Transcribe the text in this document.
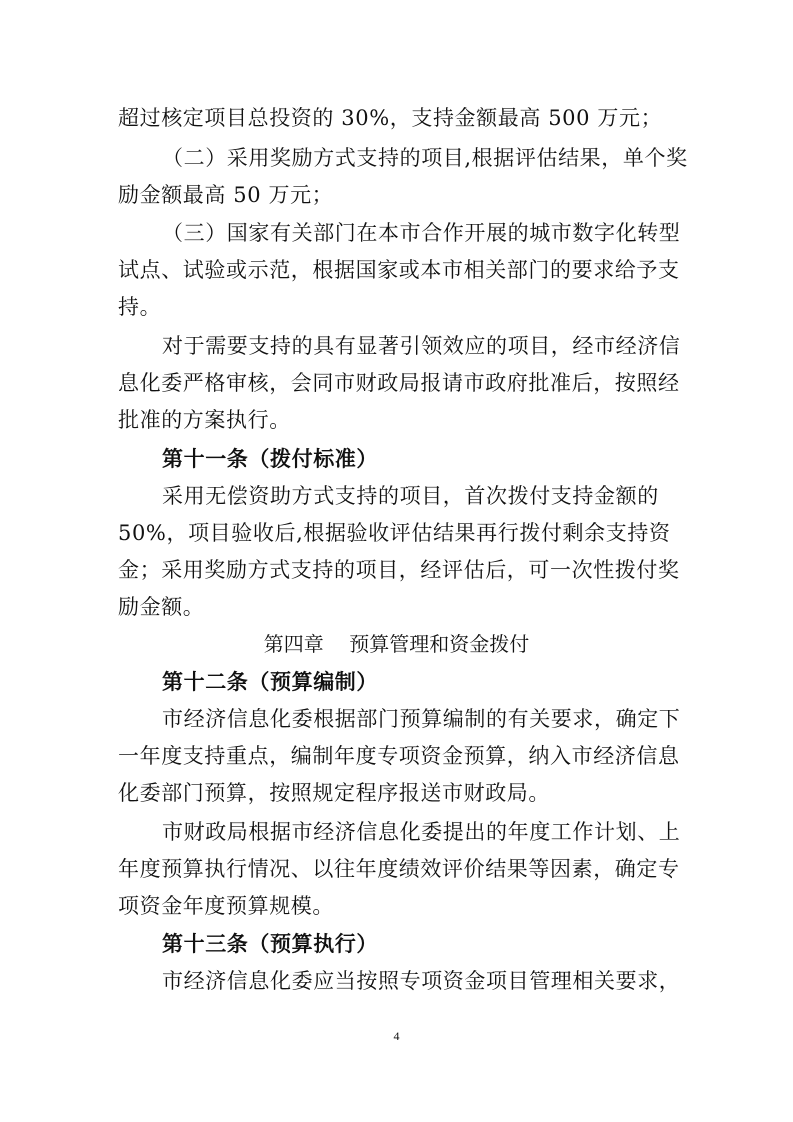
超过核定项目总投资的 30%，支持金额最高 500 万元；
（二）采用奖励方式支持的项目,根据评估结果，单个奖
励金额最高 50 万元；
（三）国家有关部门在本市合作开展的城市数字化转型
试点、试验或示范，根据国家或本市相关部门的要求给予支
持。
对于需要支持的具有显著引领效应的项目，经市经济信
息化委严格审核，会同市财政局报请市政府批准后，按照经
批准的方案执行。
第十一条（拨付标准）
采用无偿资助方式支持的项目，首次拨付支持金额的
50%，项目验收后,根据验收评估结果再行拨付剩余支持资
金；采用奖励方式支持的项目，经评估后，可一次性拨付奖
励金额。
第四章    预算管理和资金拨付
第十二条（预算编制）
市经济信息化委根据部门预算编制的有关要求，确定下
一年度支持重点，编制年度专项资金预算，纳入市经济信息
化委部门预算，按照规定程序报送市财政局。
市财政局根据市经济信息化委提出的年度工作计划、上
年度预算执行情况、以往年度绩效评价结果等因素，确定专
项资金年度预算规模。
第十三条（预算执行）
市经济信息化委应当按照专项资金项目管理相关要求，
4
